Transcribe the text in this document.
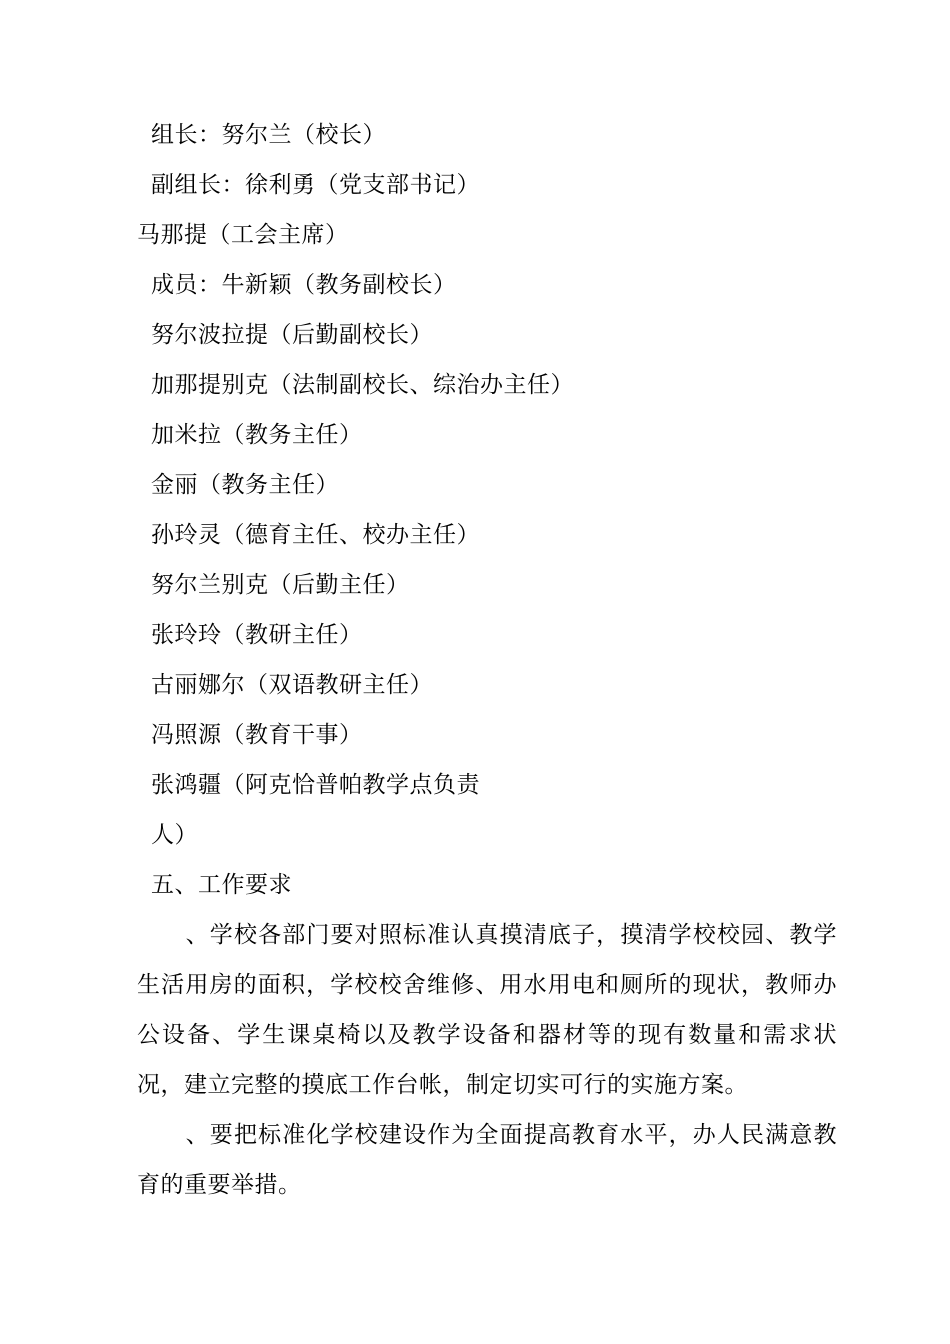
组长：努尔兰（校长）
副组长：徐利勇（党支部书记）
马那提（工会主席）
成员：牛新颖（教务副校长）
努尔波拉提（后勤副校长）
加那提别克（法制副校长、综治办主任）
加米拉（教务主任）
金丽（教务主任）
孙玲灵（德育主任、校办主任）
努尔兰别克（后勤主任）
张玲玲（教研主任）
古丽娜尔（双语教研主任）
冯照源（教育干事）
张鸿疆（阿克恰普帕教学点负责
人）
五、工作要求
、学校各部门要对照标准认真摸清底子，摸清学校校园、教学生活用房的面积，学校校舍维修、用水用电和厕所的现状，教师办公设备、学生课桌椅以及教学设备和器材等的现有数量和需求状况，建立完整的摸底工作台帐，制定切实可行的实施方案。
、要把标准化学校建设作为全面提高教育水平，办人民满意教育的重要举措。
